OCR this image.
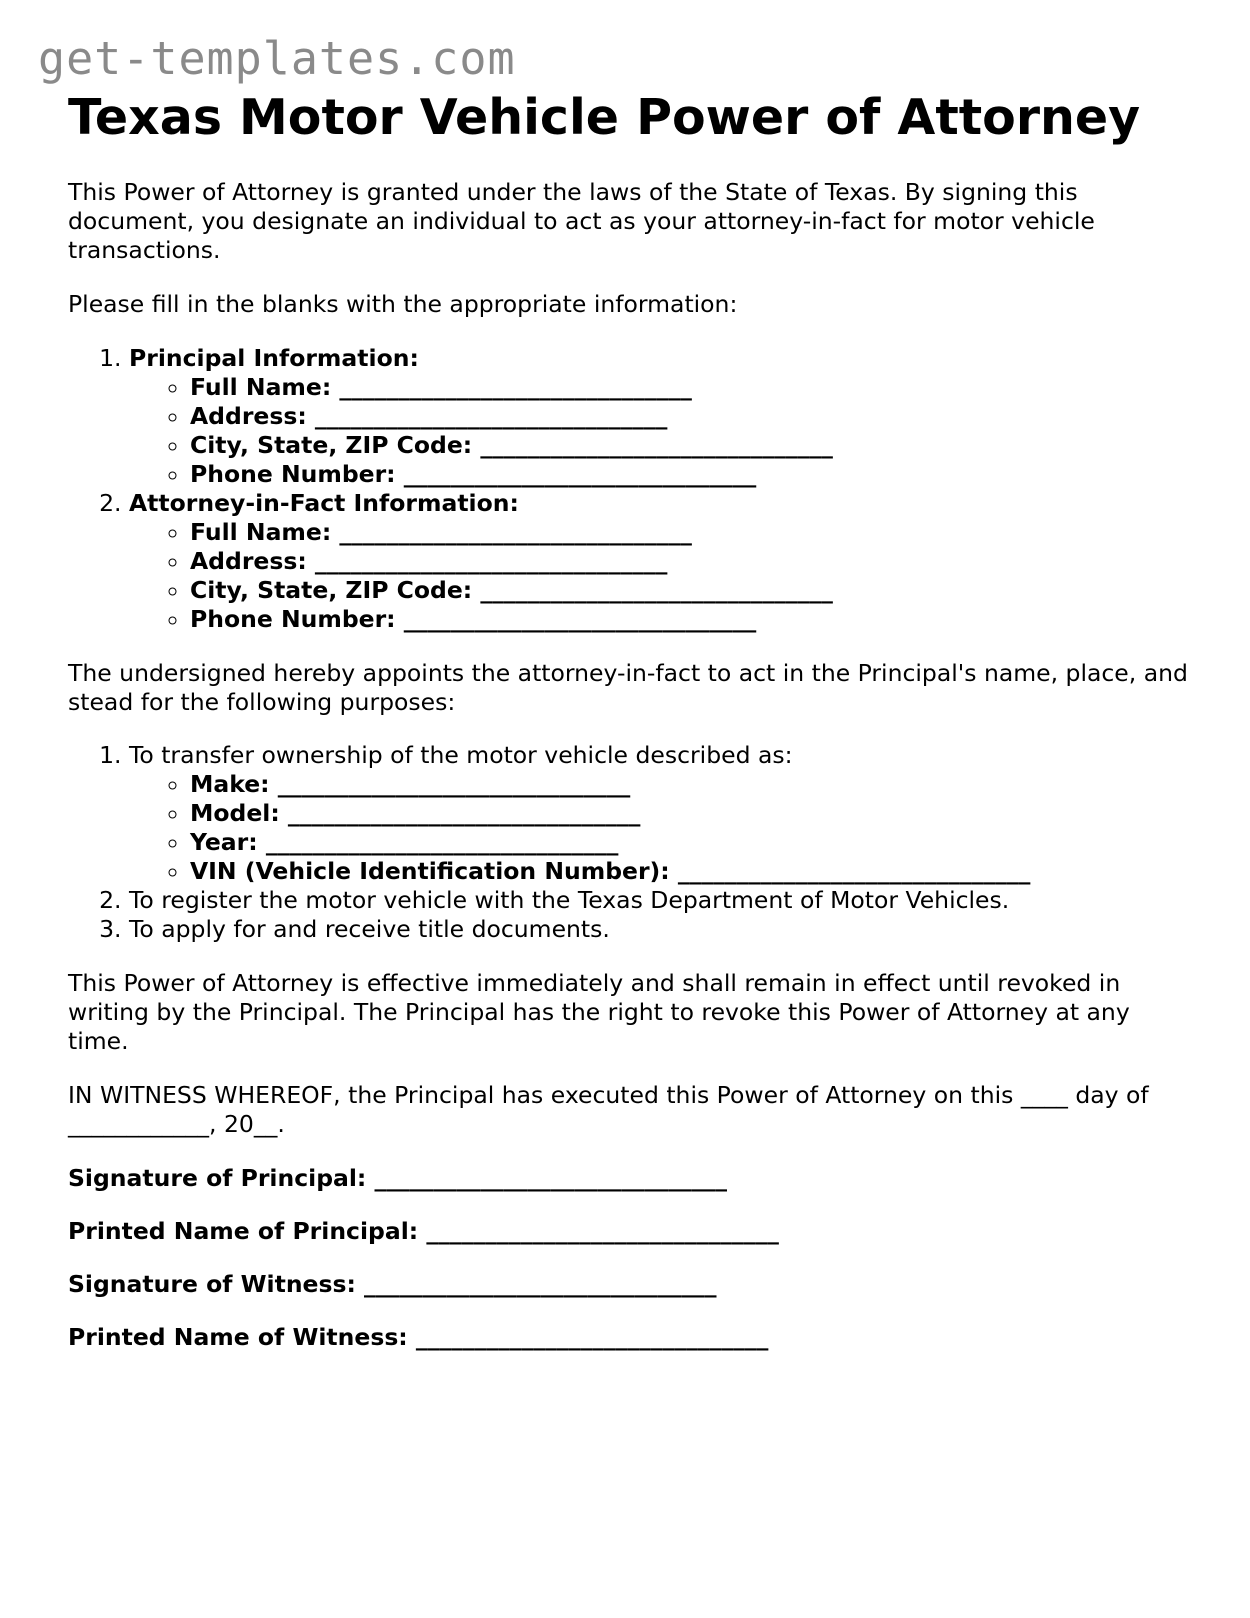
get-templates.com
Texas Motor Vehicle Power of Attorney

This Power of Attorney is granted under the laws of the State of Texas. By signing this document, you designate an individual to act as your attorney-in-fact for motor vehicle transactions.

Please fill in the blanks with the appropriate information:

1. Principal Information:
◦ Full Name: ______________________________
◦ Address: ______________________________
◦ City, State, ZIP Code: ______________________________
◦ Phone Number: ______________________________
2. Attorney-in-Fact Information:
◦ Full Name: ______________________________
◦ Address: ______________________________
◦ City, State, ZIP Code: ______________________________
◦ Phone Number: ______________________________

The undersigned hereby appoints the attorney-in-fact to act in the Principal's name, place, and stead for the following purposes:

1. To transfer ownership of the motor vehicle described as:
◦ Make: ______________________________
◦ Model: ______________________________
◦ Year: ______________________________
◦ VIN (Vehicle Identification Number): ______________________________
2. To register the motor vehicle with the Texas Department of Motor Vehicles.
3. To apply for and receive title documents.

This Power of Attorney is effective immediately and shall remain in effect until revoked in writing by the Principal. The Principal has the right to revoke this Power of Attorney at any time.

IN WITNESS WHEREOF, the Principal has executed this Power of Attorney on this ____ day of ____________, 20__.

Signature of Principal: ______________________________

Printed Name of Principal: ______________________________

Signature of Witness: ______________________________

Printed Name of Witness: ______________________________
